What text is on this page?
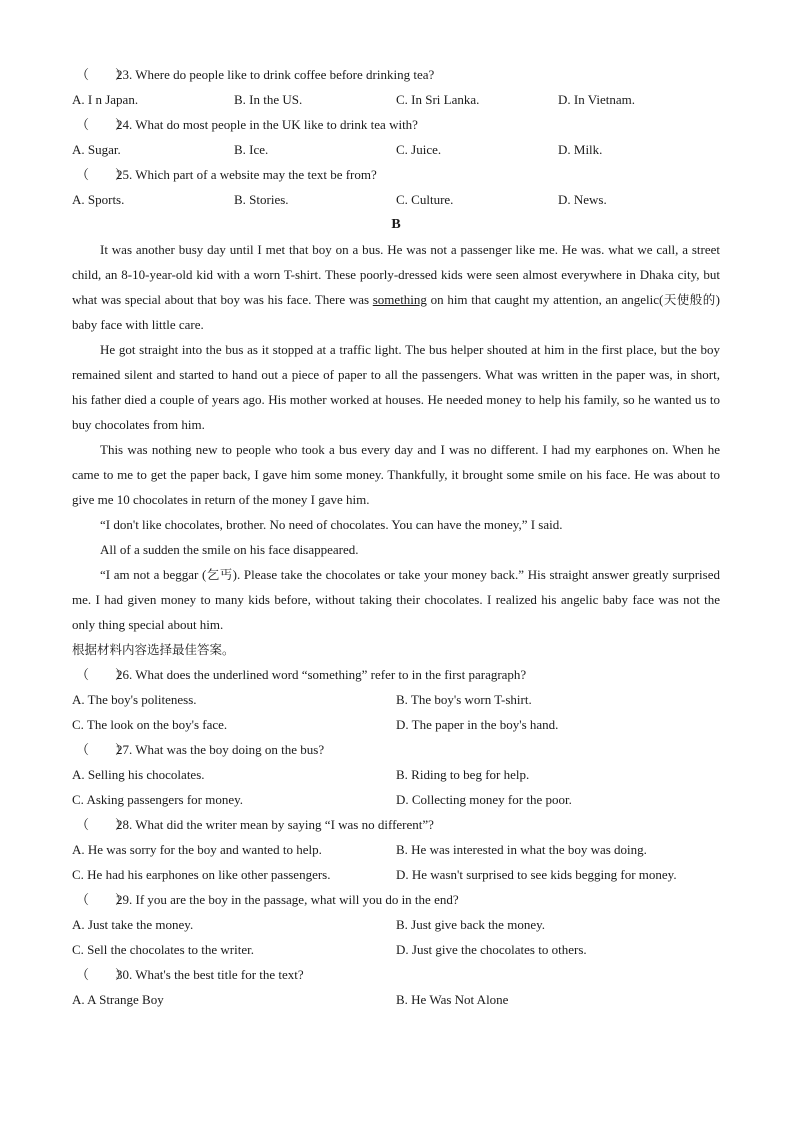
（　　）23. Where do people like to drink coffee before drinking tea?
A. I n Japan.	B. In the US.	C. In Sri Lanka.	D. In Vietnam.
（　　）24. What do most people in the UK like to drink tea with?
A. Sugar.	B. Ice.	C. Juice.	D. Milk.
（　　）25. Which part of a website may the text be from?
A. Sports.	B. Stories.	C. Culture.	D. News.
B

It was another busy day until I met that boy on a bus. He was not a passenger like me. He was. what we call, a street child, an 8-10-year-old kid with a worn T-shirt. These poorly-dressed kids were seen almost everywhere in Dhaka city, but what was special about that boy was his face. There was something on him that caught my attention, an angelic(天使般的) baby face with little care.

He got straight into the bus as it stopped at a traffic light. The bus helper shouted at him in the first place, but the boy remained silent and started to hand out a piece of paper to all the passengers. What was written in the paper was, in short, his father died a couple of years ago. His mother worked at houses. He needed money to help his family, so he wanted us to buy chocolates from him.

This was nothing new to people who took a bus every day and I was no different. I had my earphones on. When he came to me to get the paper back, I gave him some money. Thankfully, it brought some smile on his face. He was about to give me 10 chocolates in return of the money I gave him.

“I don't like chocolates, brother. No need of chocolates. You can have the money,” I said.

All of a sudden the smile on his face disappeared.

“I am not a beggar (乞丐). Please take the chocolates or take your money back.” His straight answer greatly surprised me. I had given money to many kids before, without taking their chocolates. I realized his angelic baby face was not the only thing special about him.

根据材料内容选择最佳答案。
（　　）26. What does the underlined word “something” refer to in the first paragraph?
A. The boy's politeness.	B. The boy's worn T-shirt.
C. The look on the boy's face.	D. The paper in the boy's hand.
（　　）27. What was the boy doing on the bus?
A. Selling his chocolates.	B. Riding to beg for help.
C. Asking passengers for money.	D. Collecting money for the poor.
（　　）28. What did the writer mean by saying “I was no different”?
A. He was sorry for the boy and wanted to help.	B. He was interested in what the boy was doing.
C. He had his earphones on like other passengers.	D. He wasn't surprised to see kids begging for money.
（　　）29. If you are the boy in the passage, what will you do in the end?
A. Just take the money.	B. Just give back the money.
C. Sell the chocolates to the writer.	D. Just give the chocolates to others.
（　　）30. What's the best title for the text?
A. A Strange Boy	B. He Was Not Alone
